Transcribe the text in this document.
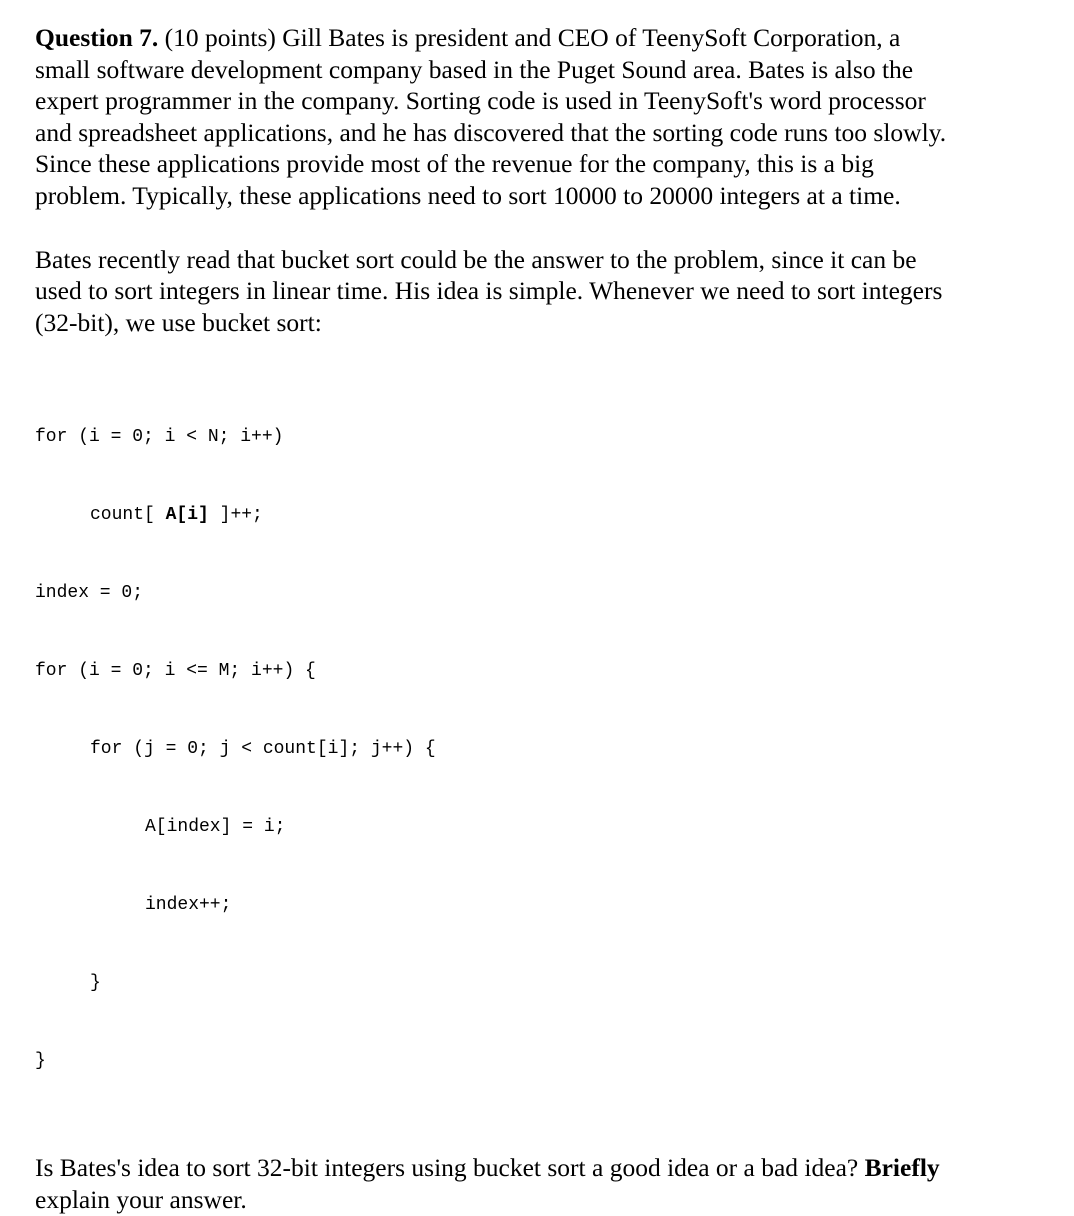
Question 7. (10 points) Gill Bates is president and CEO of TeenySoft Corporation, a
small software development company based in the Puget Sound area. Bates is also the
expert programmer in the company. Sorting code is used in TeenySoft's word processor
and spreadsheet applications, and he has discovered that the sorting code runs too slowly.
Since these applications provide most of the revenue for the company, this is a big
problem. Typically, these applications need to sort 10000 to 20000 integers at a time.

Bates recently read that bucket sort could be the answer to the problem, since it can be
used to sort integers in linear time. His idea is simple. Whenever we need to sort integers
(32-bit), we use bucket sort:

for (i = 0; i < N; i++)

count[ A[i] ]++;

index = 0;

for (i = 0; i <= M; i++) {

for (j = 0; j < count[i]; j++) {

A[index] = i;

index++;

}

}

Is Bates's idea to sort 32-bit integers using bucket sort a good idea or a bad idea? Briefly
explain your answer.
